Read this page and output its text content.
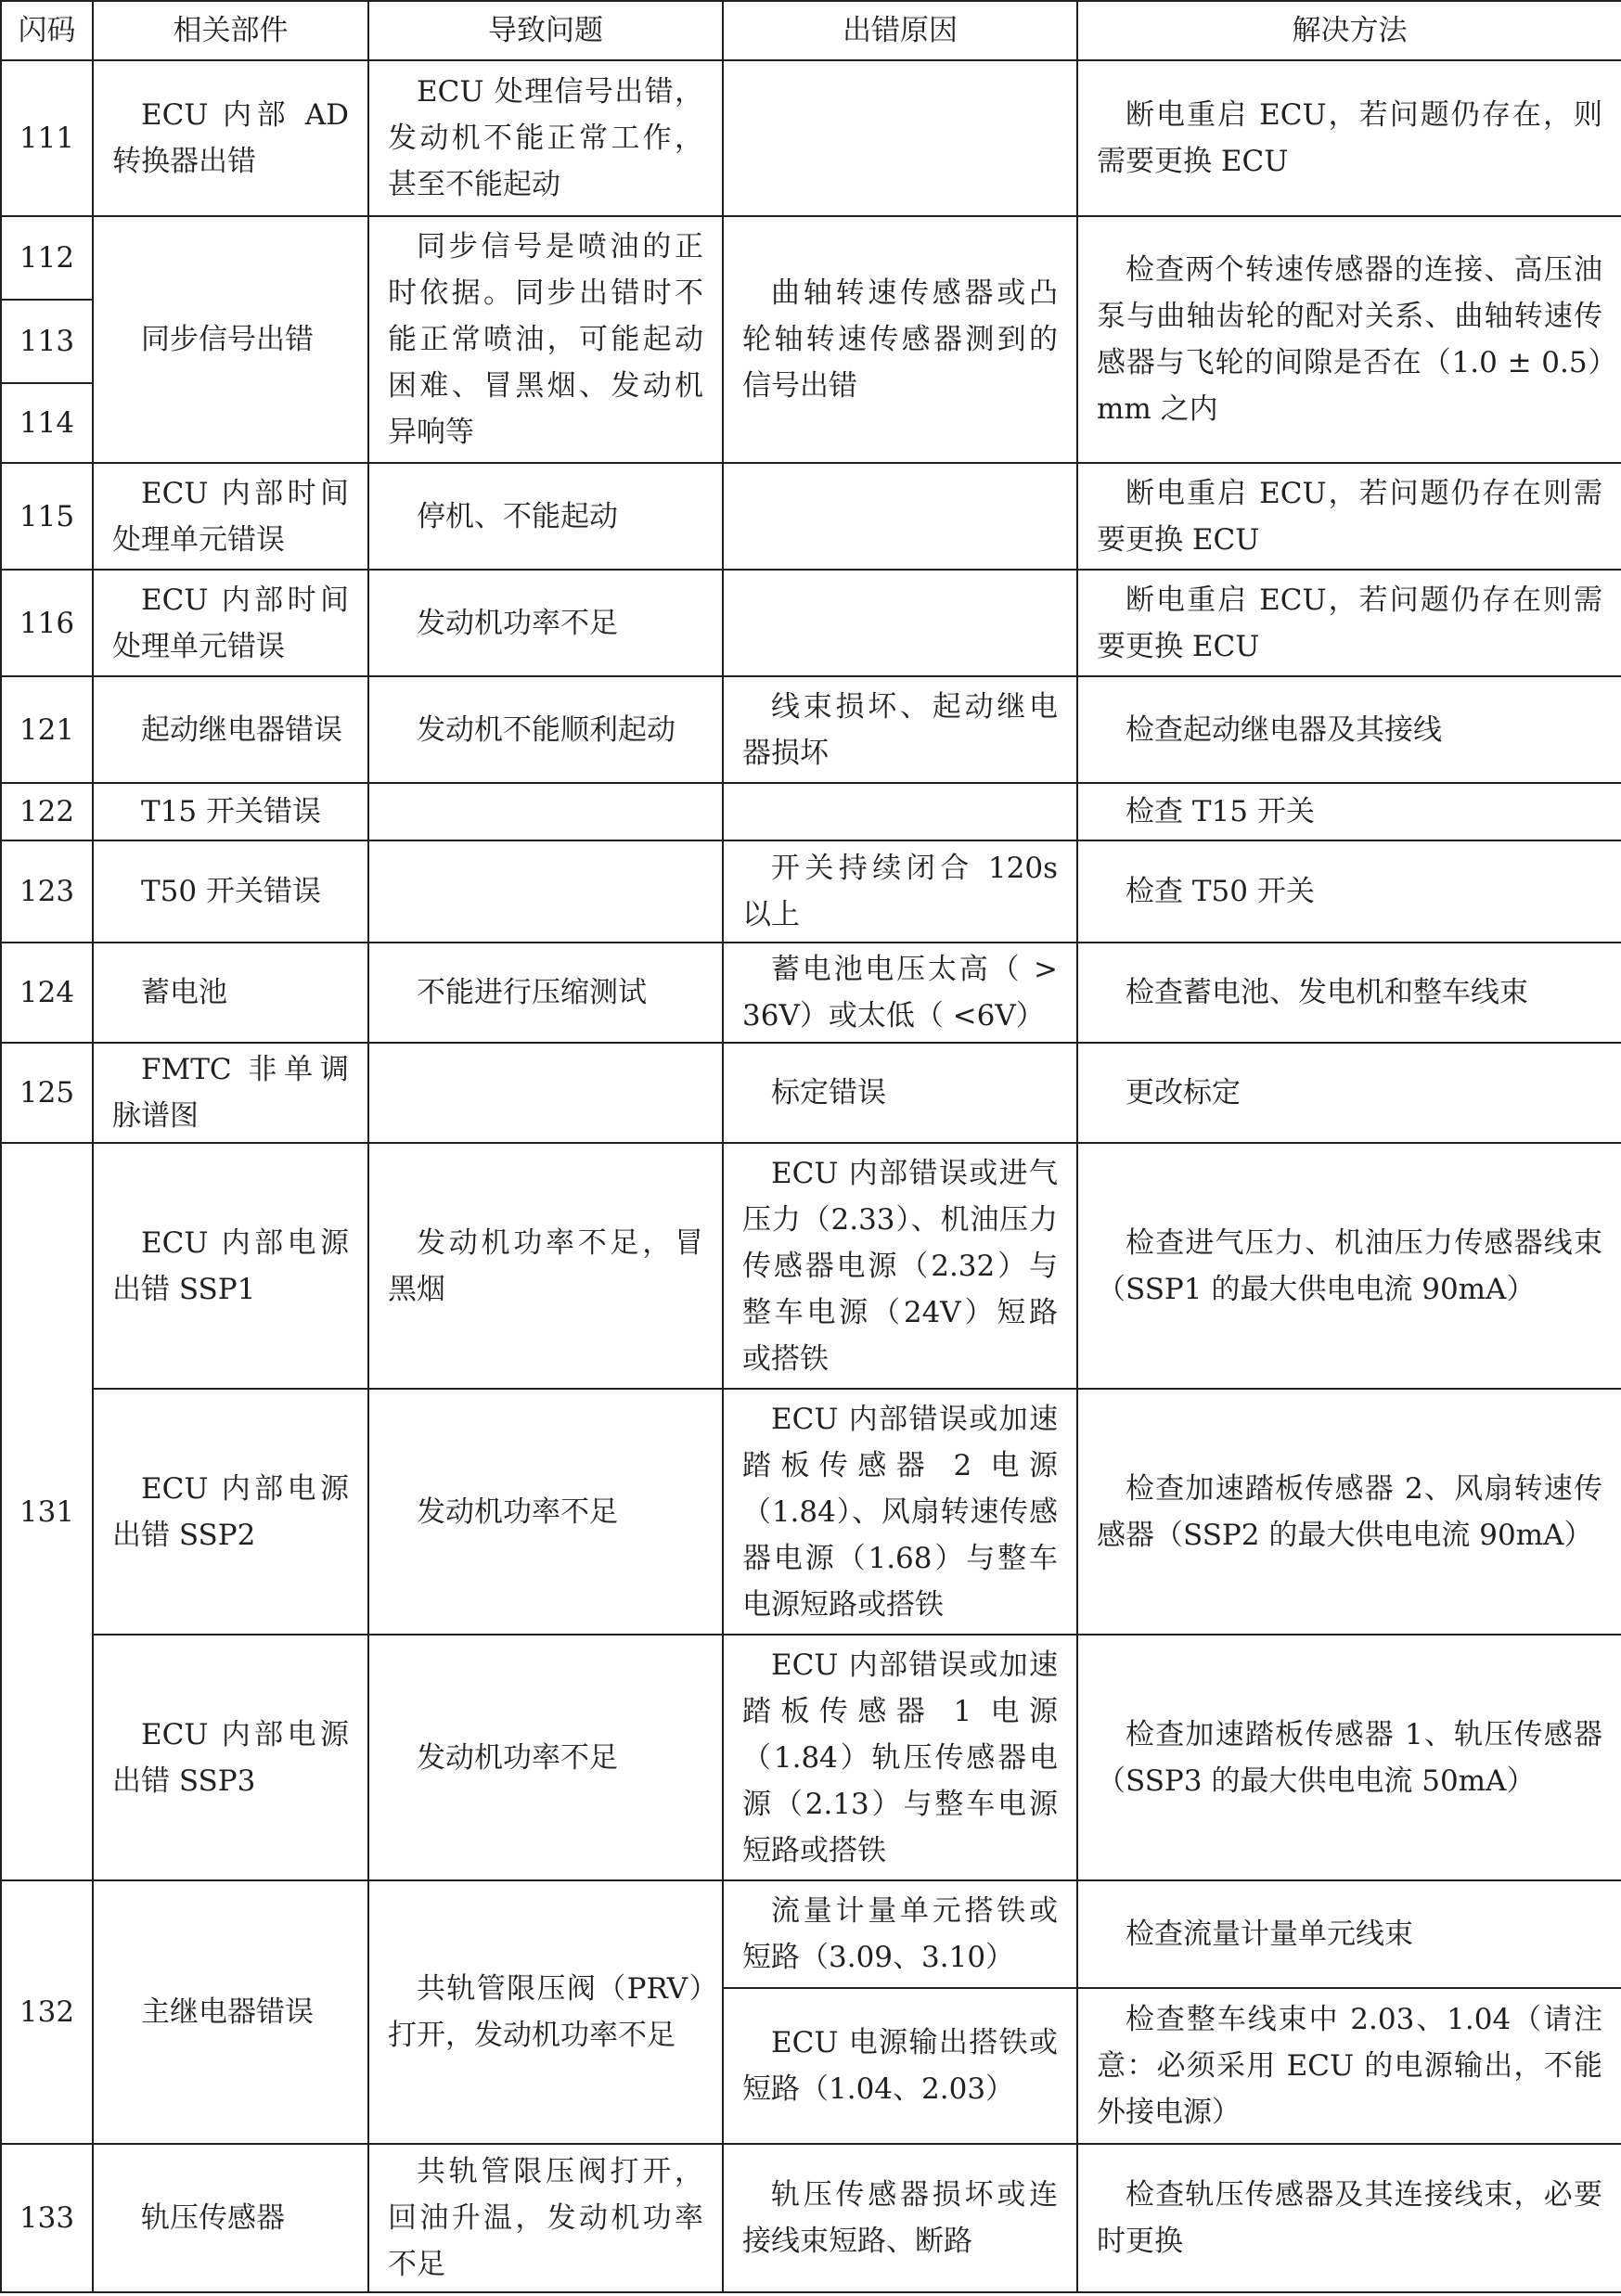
闪码	相关部件	导致问题	出错原因	解决方法
111	ECU 内部 AD 转换器出错	ECU 处理信号出错，发动机不能正常工作，甚至不能起动		断电重启 ECU，若问题仍存在，则需要更换 ECU
112	同步信号出错	同步信号是喷油的正时依据。同步出错时不能正常喷油，可能起动困难、冒黑烟、发动机异响等	曲轴转速传感器或凸轮轴转速传感器测到的信号出错	检查两个转速传感器的连接、高压油泵与曲轴齿轮的配对关系、曲轴转速传感器与飞轮的间隙是否在（1.0 ± 0.5）mm 之内
113				
114				
115	ECU 内部时间处理单元错误	停机、不能起动		断电重启 ECU，若问题仍存在则需要更换 ECU
116	ECU 内部时间处理单元错误	发动机功率不足		断电重启 ECU，若问题仍存在则需要更换 ECU
121	起动继电器错误	发动机不能顺利起动	线束损坏、起动继电器损坏	检查起动继电器及其接线
122	T15 开关错误			检查 T15 开关
123	T50 开关错误		开关持续闭合 120s 以上	检查 T50 开关
124	蓄电池	不能进行压缩测试	蓄电池电压太高（ > 36V）或太低（ <6V）	检查蓄电池、发电机和整车线束
125	FMTC 非单调脉谱图		标定错误	更改标定
131	ECU 内部电源出错 SSP1	发动机功率不足，冒黑烟	ECU 内部错误或进气压力（2.33）、机油压力传感器电源（2.32）与整车电源（24V）短路或搭铁	检查进气压力、机油压力传感器线束（SSP1 的最大供电电流 90mA）
	ECU 内部电源出错 SSP2	发动机功率不足	ECU 内部错误或加速踏板传感器 2 电源（1.84）、风扇转速传感器电源（1.68）与整车电源短路或搭铁	检查加速踏板传感器 2、风扇转速传感器（SSP2 的最大供电电流 90mA）
	ECU 内部电源出错 SSP3	发动机功率不足	ECU 内部错误或加速踏板传感器 1 电源（1.84）轨压传感器电源（2.13）与整车电源短路或搭铁	检查加速踏板传感器 1、轨压传感器（SSP3 的最大供电电流 50mA）
132	主继电器错误	共轨管限压阀（PRV）打开，发动机功率不足	流量计量单元搭铁或短路（3.09、3.10）	检查流量计量单元线束
			ECU 电源输出搭铁或短路（1.04、2.03）	检查整车线束中 2.03、1.04（请注意：必须采用 ECU 的电源输出，不能外接电源）
133	轨压传感器	共轨管限压阀打开，回油升温，发动机功率不足	轨压传感器损坏或连接线束短路、断路	检查轨压传感器及其连接线束，必要时更换
